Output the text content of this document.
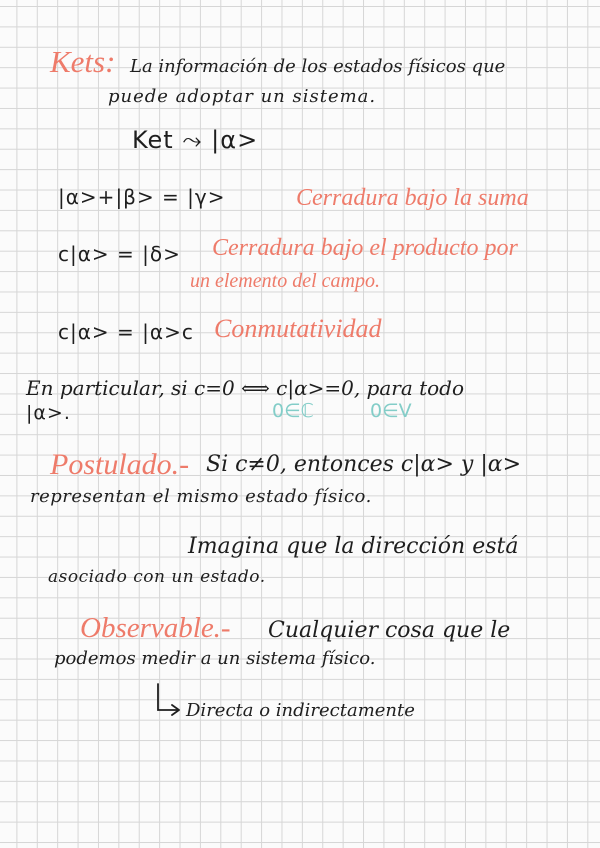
Kets: La información de los estados físicos que
puede adoptar un sistema.
Ket ⤳ |α>
|α>+|β> = |γ>	Cerradura bajo la suma
c|α> = |δ> Cerradura bajo el producto por
un elemento del campo.
c|α> = |α>c Conmutatividad
En particular, si c=0 ⟺ c|α>=0, para todo
|α>.	0∈ℂ	0∈V
Postulado.- Si c≠0, entonces c|α> y |α>
representan el mismo estado físico.
Imagina que la dirección está
asociado con un estado.
Observable.- Cualquier cosa que le
podemos medir a un sistema físico.
Directa o indirectamente
